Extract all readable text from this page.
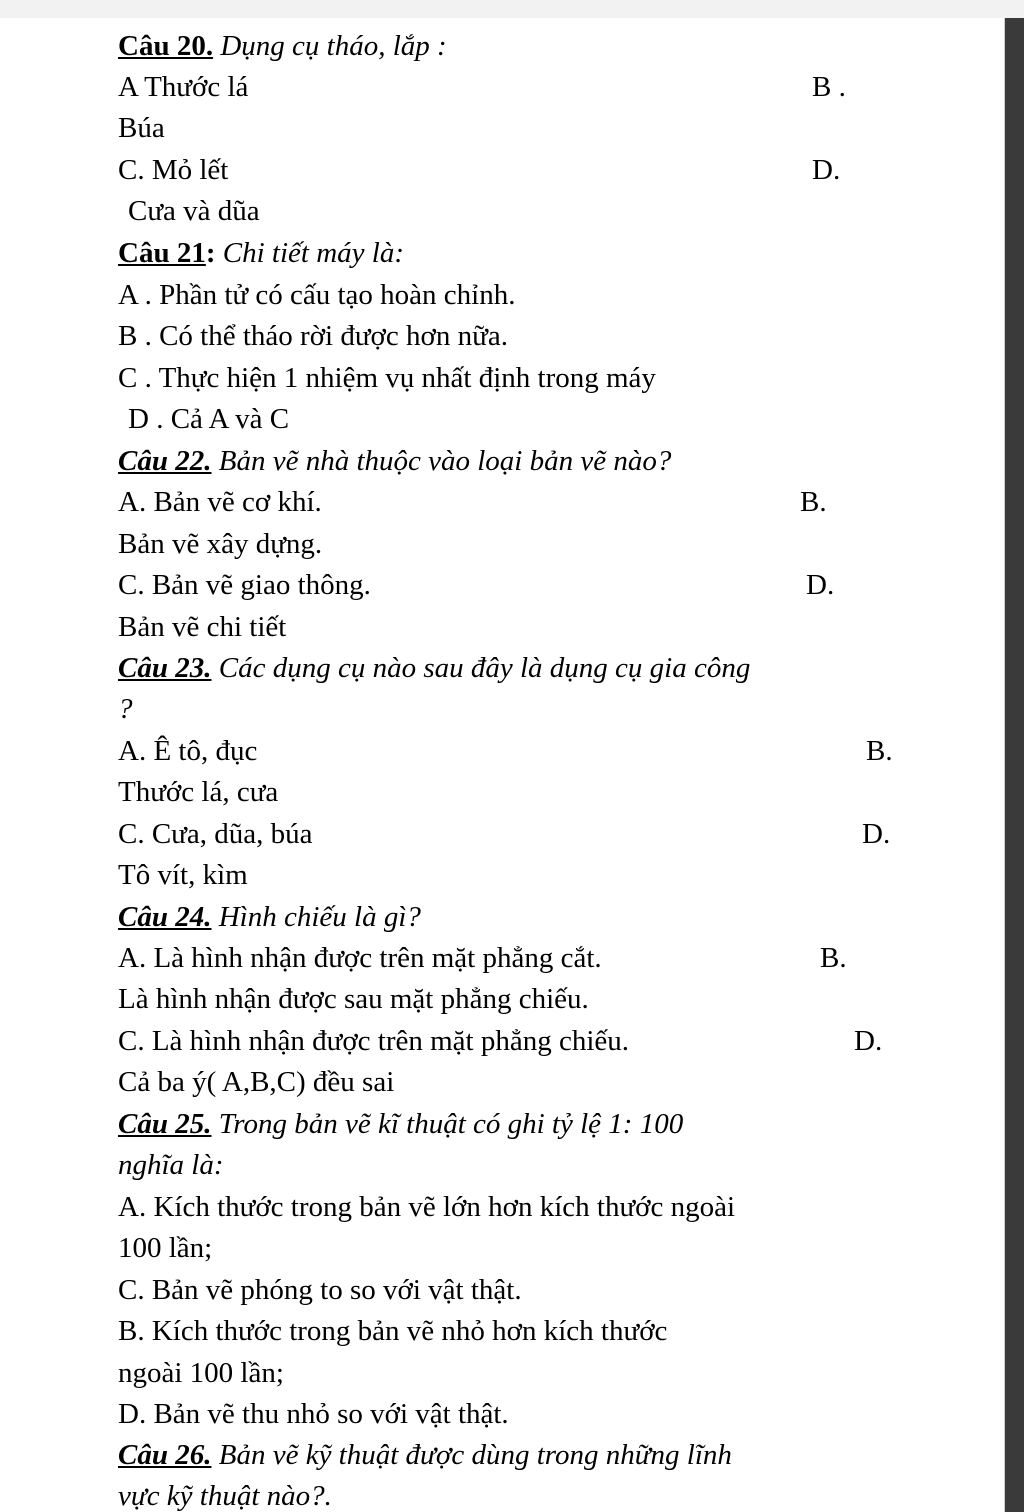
Câu 20. Dụng cụ tháo, lắp :
A Thước lá	B .
Búa
C. Mỏ lết	D.
Cưa và dũa
Câu 21: Chi tiết máy là:
A . Phần tử có cấu tạo hoàn chỉnh.
B . Có thể tháo rời được hơn nữa.
C . Thực hiện 1 nhiệm vụ nhất định trong máy
D . Cả A và C
Câu 22. Bản vẽ nhà thuộc vào loại bản vẽ nào?
A. Bản vẽ cơ khí.	B.
Bản vẽ xây dựng.
C. Bản vẽ giao thông.	D.
Bản vẽ chi tiết
Câu 23. Các dụng cụ nào sau đây là dụng cụ gia công
?
A. Ê tô, đục	B.
Thước lá, cưa
C. Cưa, dũa, búa	D.
Tô vít, kìm
Câu 24. Hình chiếu là gì?
A. Là hình nhận được trên mặt phẳng cắt.	B.
Là hình nhận được sau mặt phẳng chiếu.
C. Là hình nhận được trên mặt phẳng chiếu.	D.
Cả ba ý( A,B,C) đều sai
Câu 25. Trong bản vẽ kĩ thuật có ghi tỷ lệ 1: 100
nghĩa là:
A. Kích thước trong bản vẽ lớn hơn kích thước ngoài
100 lần;
C. Bản vẽ phóng to so với vật thật.
B. Kích thước trong bản vẽ nhỏ hơn kích thước
ngoài 100 lần;
D. Bản vẽ thu nhỏ so với vật thật.
Câu 26. Bản vẽ kỹ thuật được dùng trong những lĩnh
vực kỹ thuật nào?.
